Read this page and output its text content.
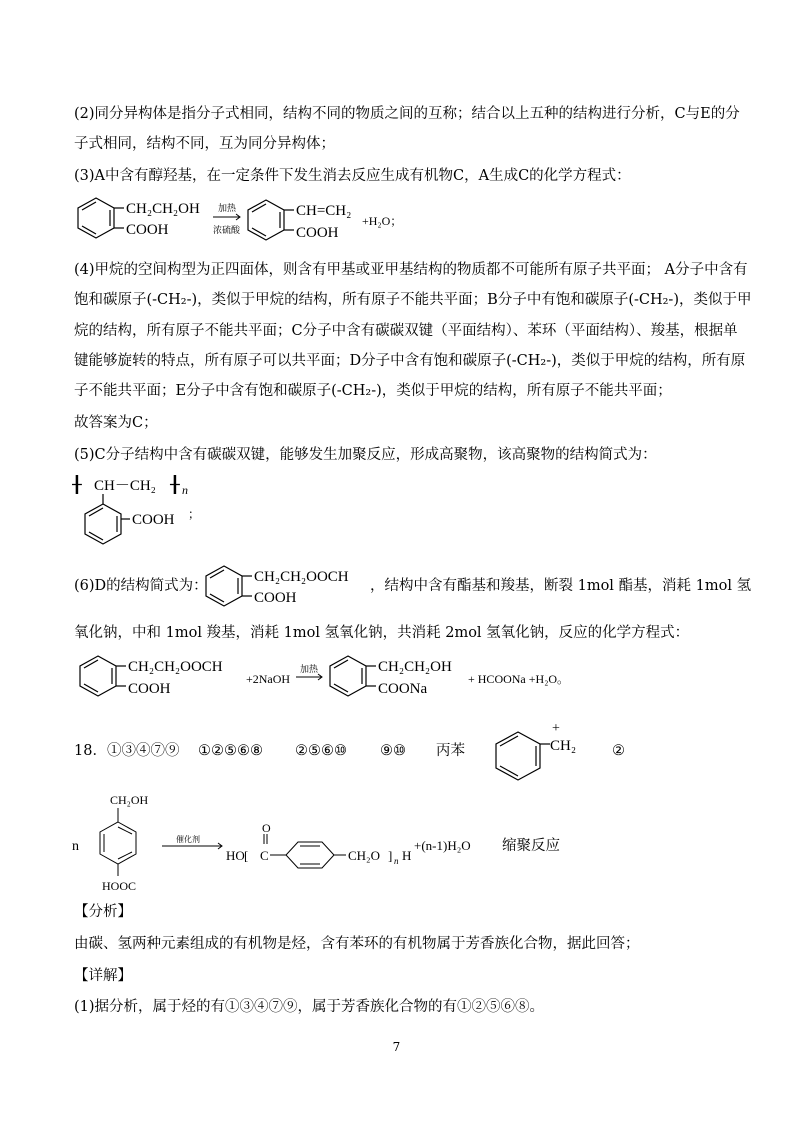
(2)同分异构体是指分子式相同，结构不同的物质之间的互称；结合以上五种的结构进行分析，C与E的分
子式相同，结构不同，互为同分异构体；
(3)A中含有醇羟基，在一定条件下发生消去反应生成有机物C，A生成C的化学方程式：
CH₂CH₂OH
COOH
加热
浓硫酸
CH=CH₂
COOH
+H₂O；
(4)甲烷的空间构型为正四面体，则含有甲基或亚甲基结构的物质都不可能所有原子共平面； A分子中含有
饱和碳原子(-CH₂-)，类似于甲烷的结构，所有原子不能共平面；B分子中有饱和碳原子(-CH₂-)，类似于甲
烷的结构，所有原子不能共平面；C分子中含有碳碳双键（平面结构）、苯环（平面结构）、羧基，根据单
键能够旋转的特点，所有原子可以共平面；D分子中含有饱和碳原子(-CH₂-)，类似于甲烷的结构，所有原
子不能共平面；E分子中含有饱和碳原子(-CH₂-)，类似于甲烷的结构，所有原子不能共平面；
故答案为C；
(5)C分子结构中含有碳碳双键，能够发生加聚反应，形成高聚物，该高聚物的结构简式为：
╂ CH－CH₂ ╂ n
COOH ；
(6)D的结构简式为：
CH₂CH₂OOCH
COOH
，结构中含有酯基和羧基，断裂 1mol 酯基，消耗 1mol 氢
氧化钠，中和 1mol 羧基，消耗 1mol 氢氧化钠，共消耗 2mol 氢氧化钠，反应的化学方程式：
CH₂CH₂OOCH
COOH
+2NaOH
加热	CH₂CH₂OH
COONa
+ HCOONa +H₂O。
18．①③④⑦⑨ ①②⑤⑥⑧ ②⑤⑥⑩ ⑨⑩ 丙苯	CH₂
+
②
n
CH₂OH
HOOC
催化剂
O
HO [ C	CH₂O ] n H
+(n-1)H₂O 缩聚反应
【分析】
由碳、氢两种元素组成的有机物是烃，含有苯环的有机物属于芳香族化合物，据此回答；
【详解】
(1)据分析，属于烃的有①③④⑦⑨，属于芳香族化合物的有①②⑤⑥⑧。
7
